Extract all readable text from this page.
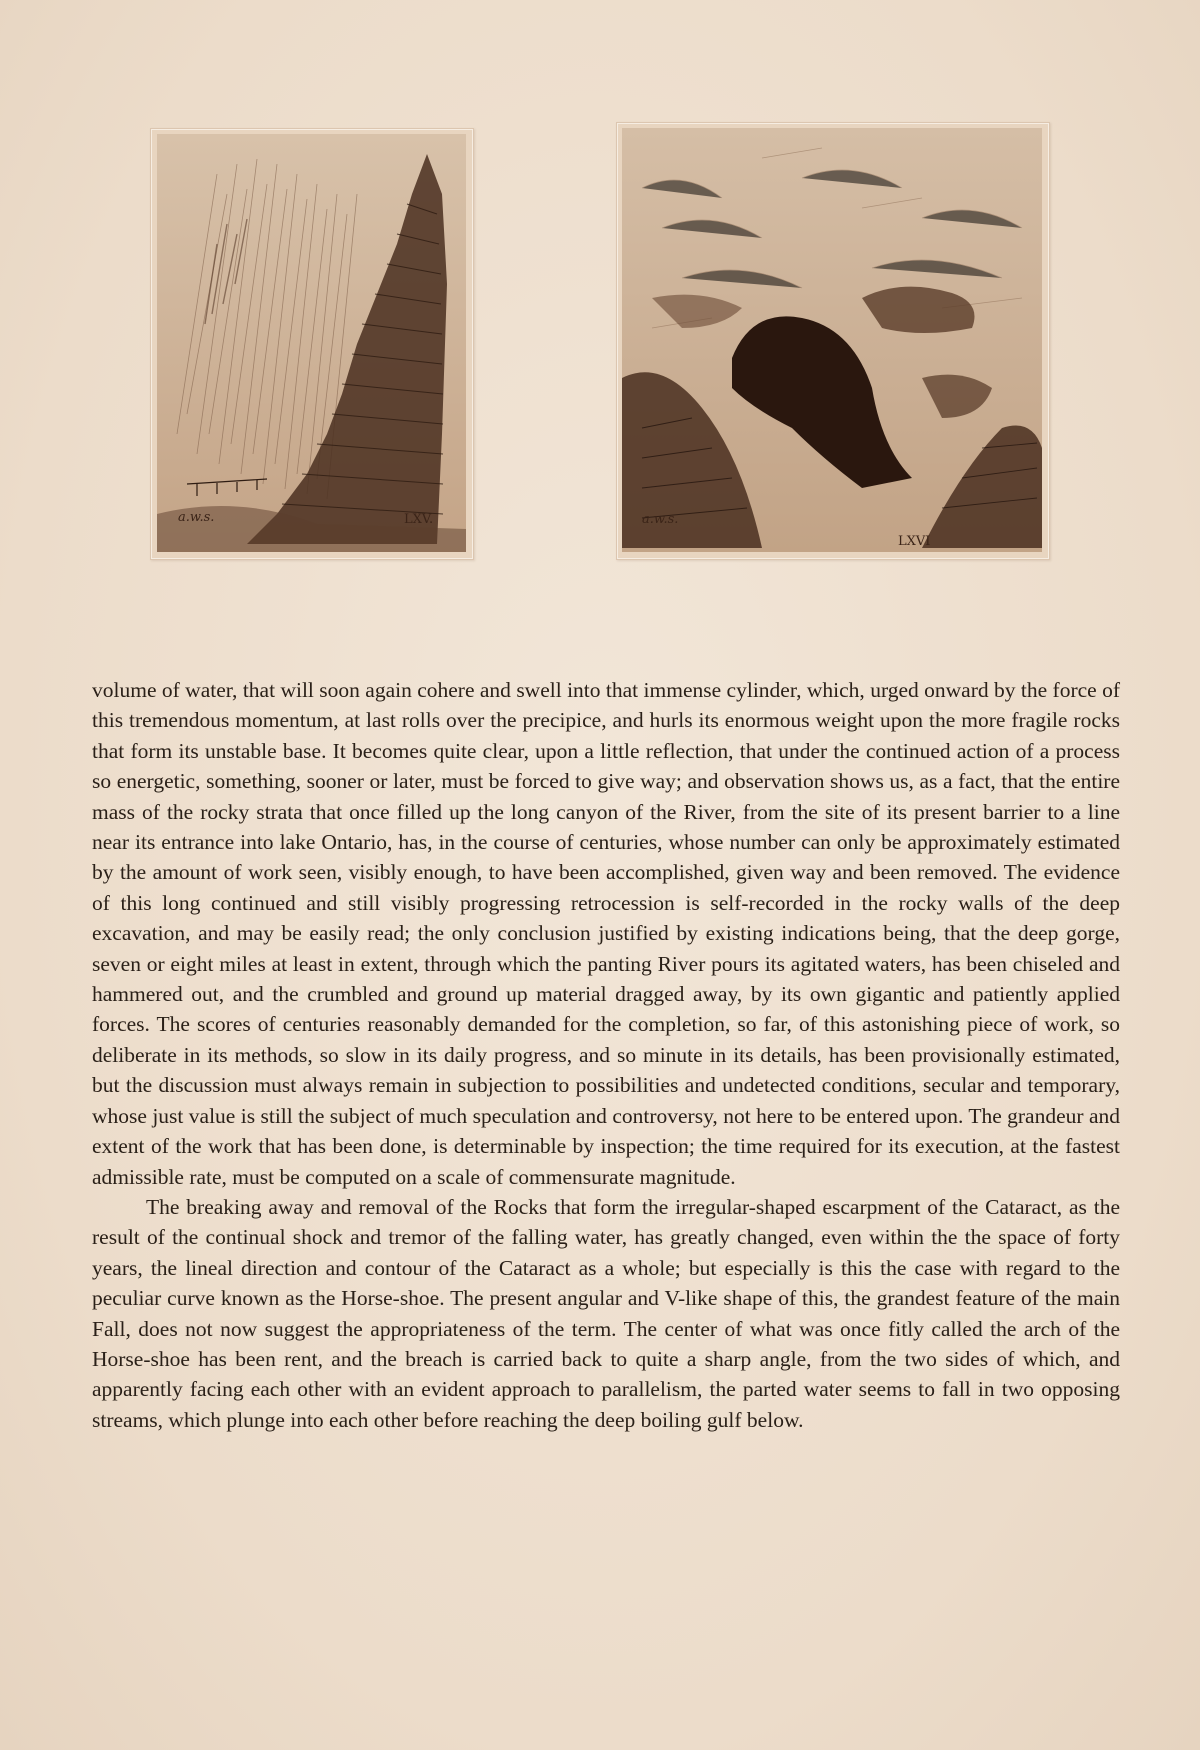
a.w.s.	LXV.	a.w.s.
LXVI

volume of water, that will soon again cohere and swell into that immense cylinder, which, urged onward by the force of this tremendous momentum, at last rolls over the precipice, and hurls its enormous weight upon the more fragile rocks that form its unstable base. It becomes quite clear, upon a little reflection, that under the continued action of a process so energetic, something, sooner or later, must be forced to give way; and observation shows us, as a fact, that the entire mass of the rocky strata that once filled up the long canyon of the River, from the site of its present barrier to a line near its entrance into lake Ontario, has, in the course of centuries, whose number can only be approximately estimated by the amount of work seen, visibly enough, to have been accomplished, given way and been removed. The evidence of this long continued and still visibly progressing retrocession is self-recorded in the rocky walls of the deep excavation, and may be easily read; the only conclusion justified by existing indications being, that the deep gorge, seven or eight miles at least in extent, through which the panting River pours its agitated waters, has been chiseled and hammered out, and the crumbled and ground up material dragged away, by its own gigantic and patiently applied forces. The scores of centuries reasonably demanded for the completion, so far, of this astonishing piece of work, so deliberate in its methods, so slow in its daily progress, and so minute in its details, has been provisionally estimated, but the discussion must always remain in subjection to possibilities and undetected conditions, secular and temporary, whose just value is still the subject of much speculation and controversy, not here to be entered upon. The grandeur and extent of the work that has been done, is determinable by inspection; the time required for its execution, at the fastest admissible rate, must be computed on a scale of commensurate magnitude.

The breaking away and removal of the Rocks that form the irregular-shaped escarpment of the Cataract, as the result of the continual shock and tremor of the falling water, has greatly changed, even within the the space of forty years, the lineal direction and contour of the Cataract as a whole; but especially is this the case with regard to the peculiar curve known as the Horse-shoe. The present angular and V-like shape of this, the grandest feature of the main Fall, does not now suggest the appropriateness of the term. The center of what was once fitly called the arch of the Horse-shoe has been rent, and the breach is carried back to quite a sharp angle, from the two sides of which, and apparently facing each other with an evident approach to parallelism, the parted water seems to fall in two opposing streams, which plunge into each other before reaching the deep boiling gulf below.
